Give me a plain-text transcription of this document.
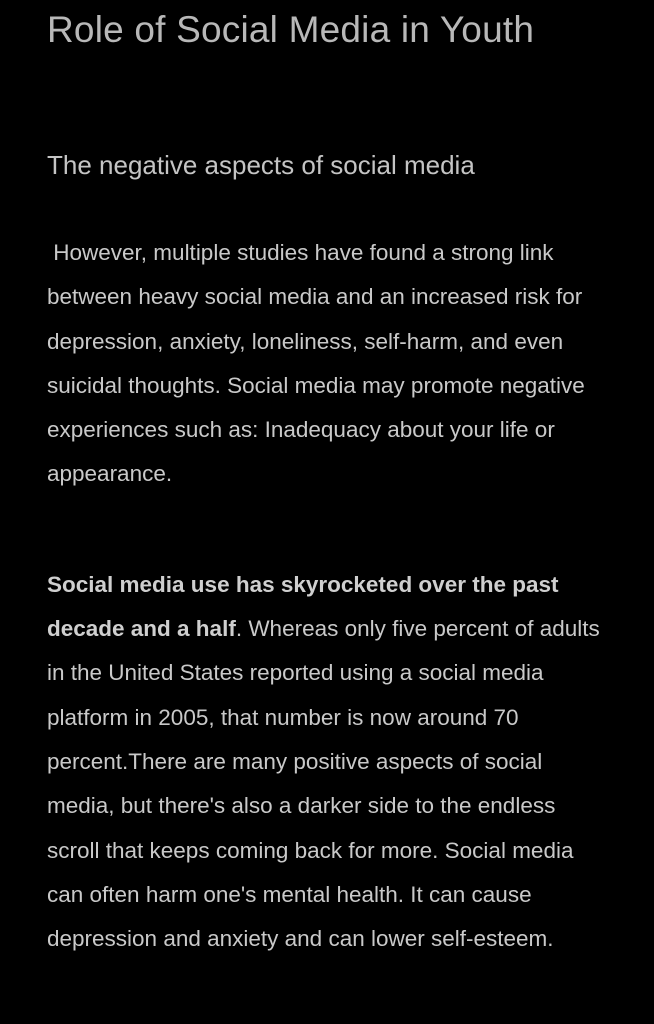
Role of Social Media in Youth
The negative aspects of social media

However, multiple studies have found a strong link between heavy social media and an increased risk for depression, anxiety, loneliness, self-harm, and even suicidal thoughts. Social media may promote negative experiences such as: Inadequacy about your life or appearance.

Social media use has skyrocketed over the past decade and a half. Whereas only five percent of adults in the United States reported using a social media platform in 2005, that number is now around 70 percent.There are many positive aspects of social media, but there's also a darker side to the endless scroll that keeps coming back for more. Social media can often harm one's mental health. It can cause depression and anxiety and can lower self-esteem.
